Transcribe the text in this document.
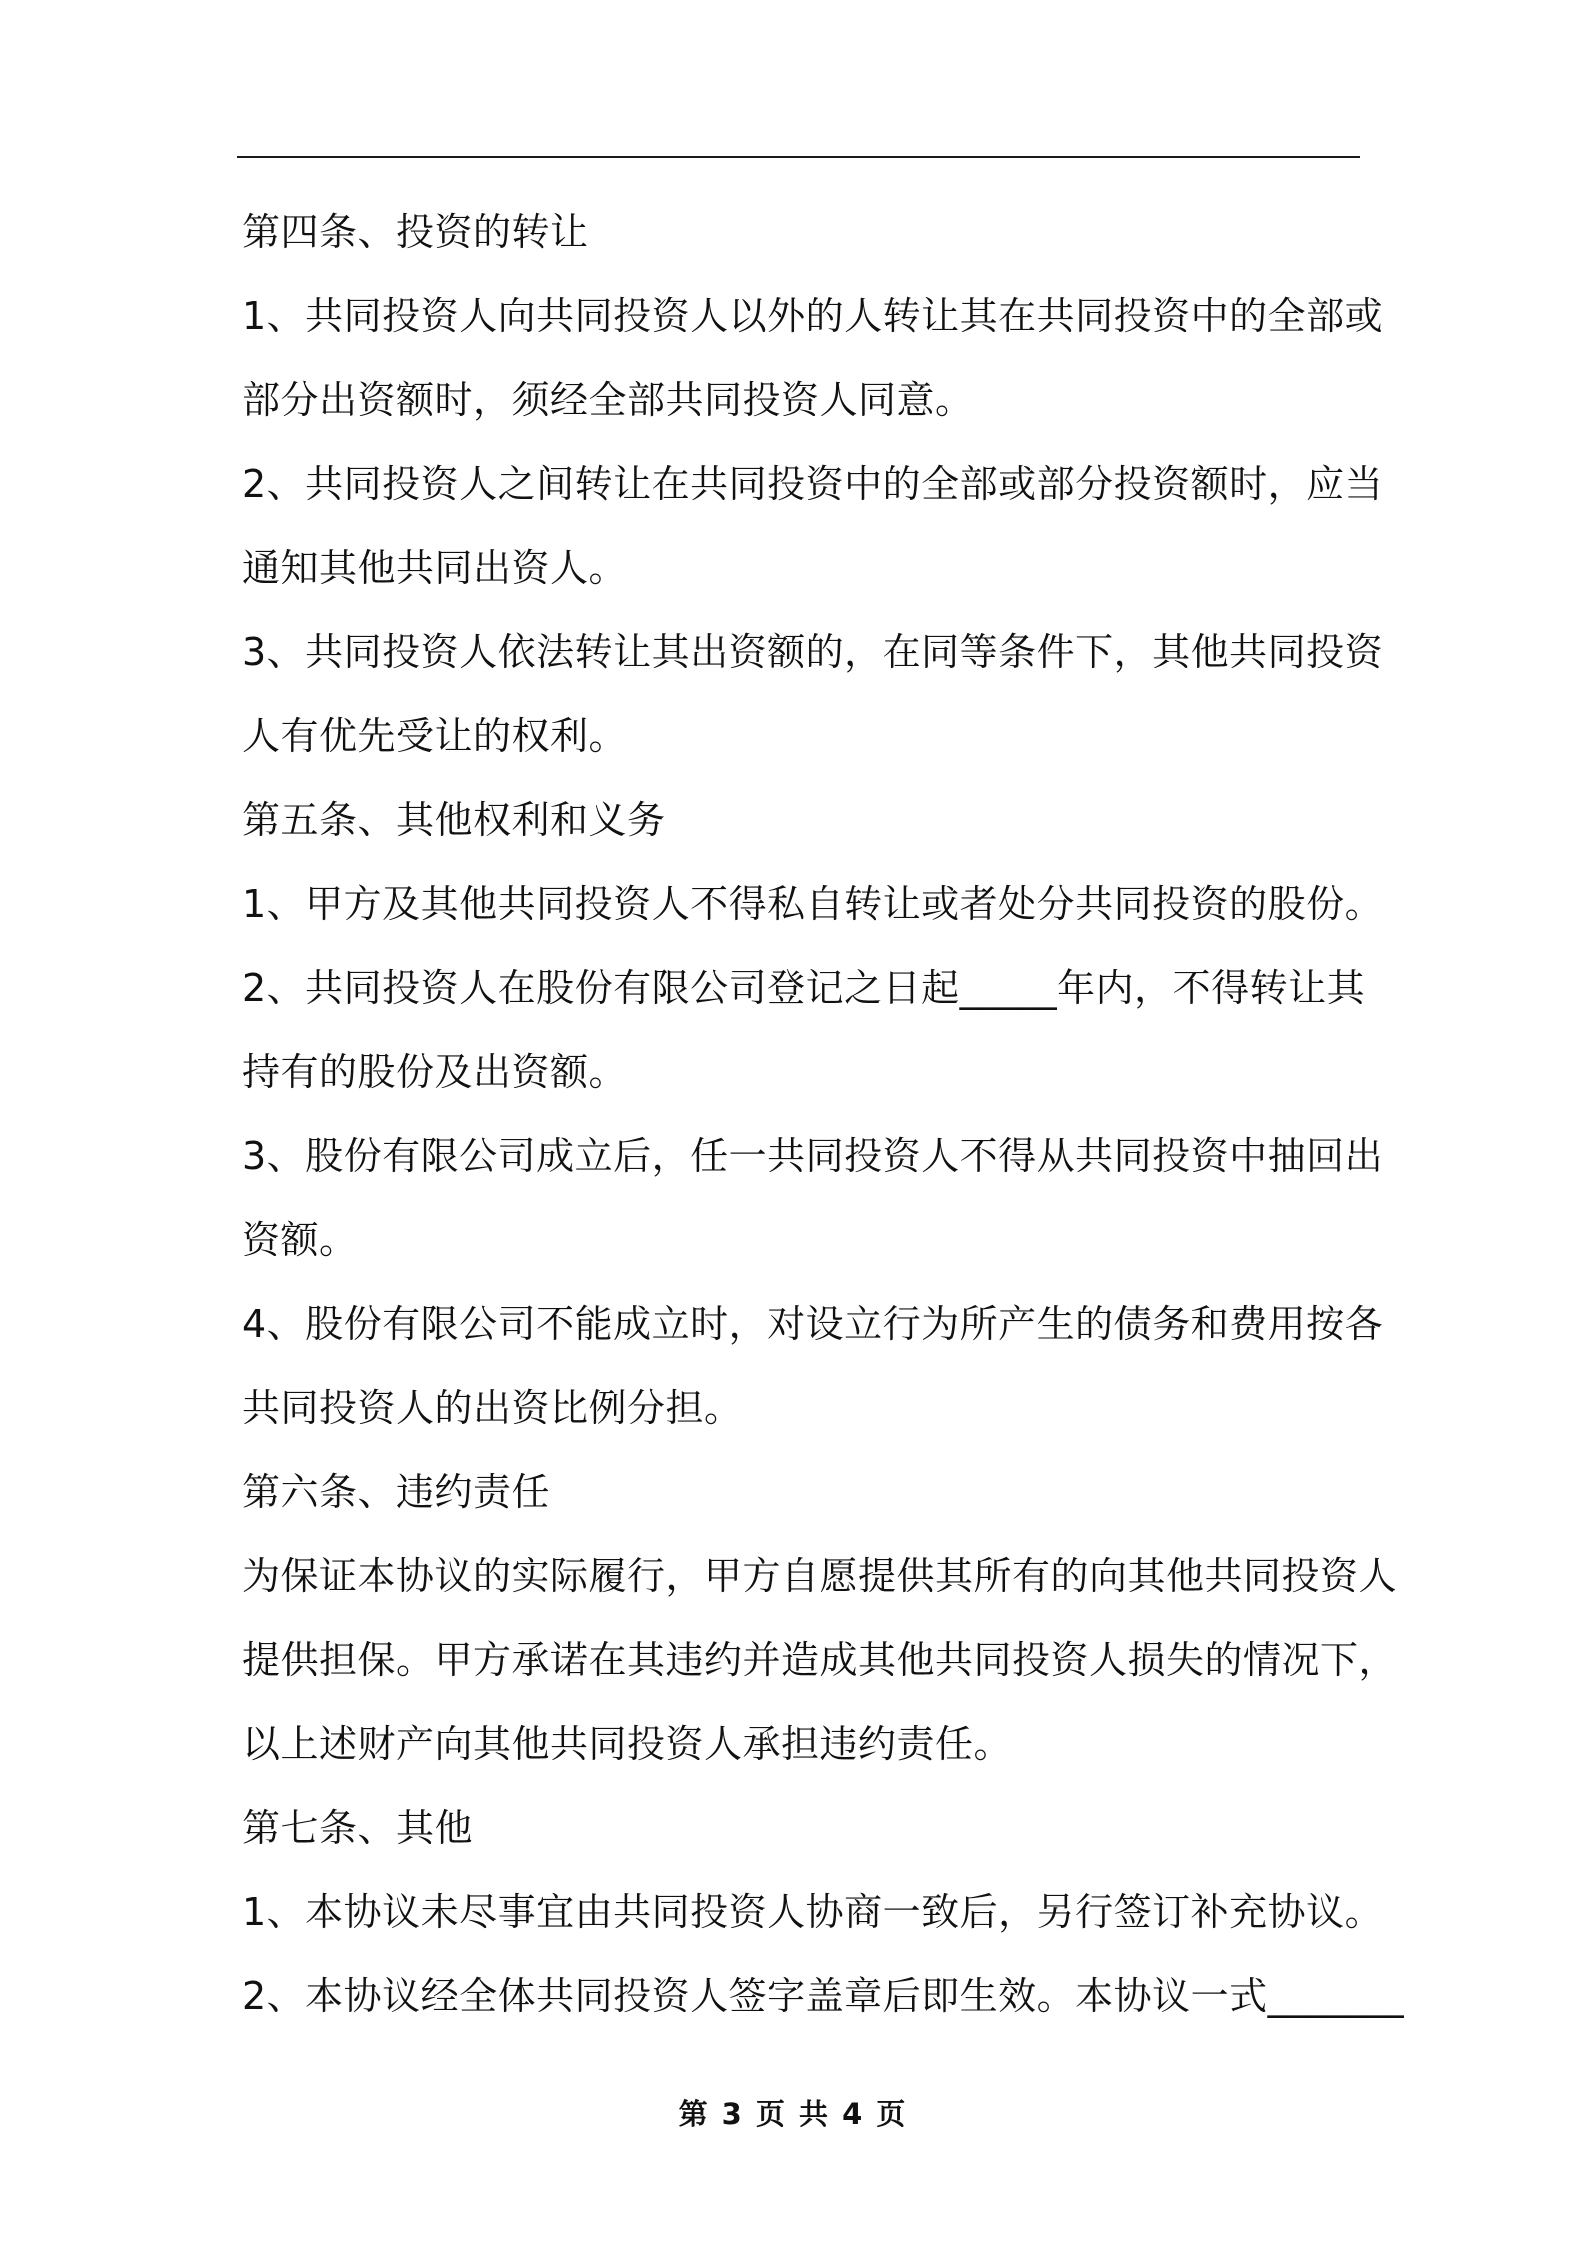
第四条、投资的转让
1、共同投资人向共同投资人以外的人转让其在共同投资中的全部或
部分出资额时，须经全部共同投资人同意。
2、共同投资人之间转让在共同投资中的全部或部分投资额时，应当
通知其他共同出资人。
3、共同投资人依法转让其出资额的，在同等条件下，其他共同投资
人有优先受让的权利。
第五条、其他权利和义务
1、甲方及其他共同投资人不得私自转让或者处分共同投资的股份。
2、共同投资人在股份有限公司登记之日起_____年内，不得转让其
持有的股份及出资额。
3、股份有限公司成立后，任一共同投资人不得从共同投资中抽回出
资额。
4、股份有限公司不能成立时，对设立行为所产生的债务和费用按各
共同投资人的出资比例分担。
第六条、违约责任
为保证本协议的实际履行，甲方自愿提供其所有的向其他共同投资人
提供担保。甲方承诺在其违约并造成其他共同投资人损失的情况下，
以上述财产向其他共同投资人承担违约责任。
第七条、其他
1、本协议未尽事宜由共同投资人协商一致后，另行签订补充协议。
2、本协议经全体共同投资人签字盖章后即生效。本协议一式_______
第 3 页 共 4 页
